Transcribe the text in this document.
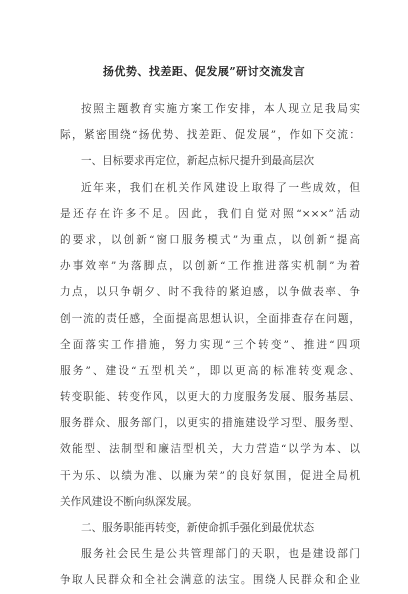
扬优势、找差距、促发展”研讨交流发言
按照主题教育实施方案工作安排，本人现立足我局实
际，紧密围绕“扬优势、找差距、促发展”，作如下交流：
一、目标要求再定位，新起点标尺提升到最高层次
近年来，我们在机关作风建设上取得了一些成效，但
是还存在许多不足。因此，我们自觉对照“×××”活动
的要求，以创新“窗口服务模式”为重点，以创新“提高
办事效率”为落脚点，以创新“工作推进落实机制”为着
力点，以只争朝夕、时不我待的紧迫感，以争做表率、争
创一流的责任感，全面提高思想认识，全面排查存在问题，
全面落实工作措施，努力实现“三个转变”、推进“四项
服务”、建设“五型机关”，即以更高的标准转变观念、
转变职能、转变作风，以更大的力度服务发展、服务基层、
服务群众、服务部门，以更实的措施建设学习型、服务型、
效能型、法制型和廉洁型机关，大力营造“以学为本、以
干为乐、以绩为准、以廉为荣”的良好氛围，促进全局机
关作风建设不断向纵深发展。
二、服务职能再转变，新使命抓手强化到最优状态
服务社会民生是公共管理部门的天职，也是建设部门
争取人民群众和全社会满意的法宝。围绕人民群众和企业
